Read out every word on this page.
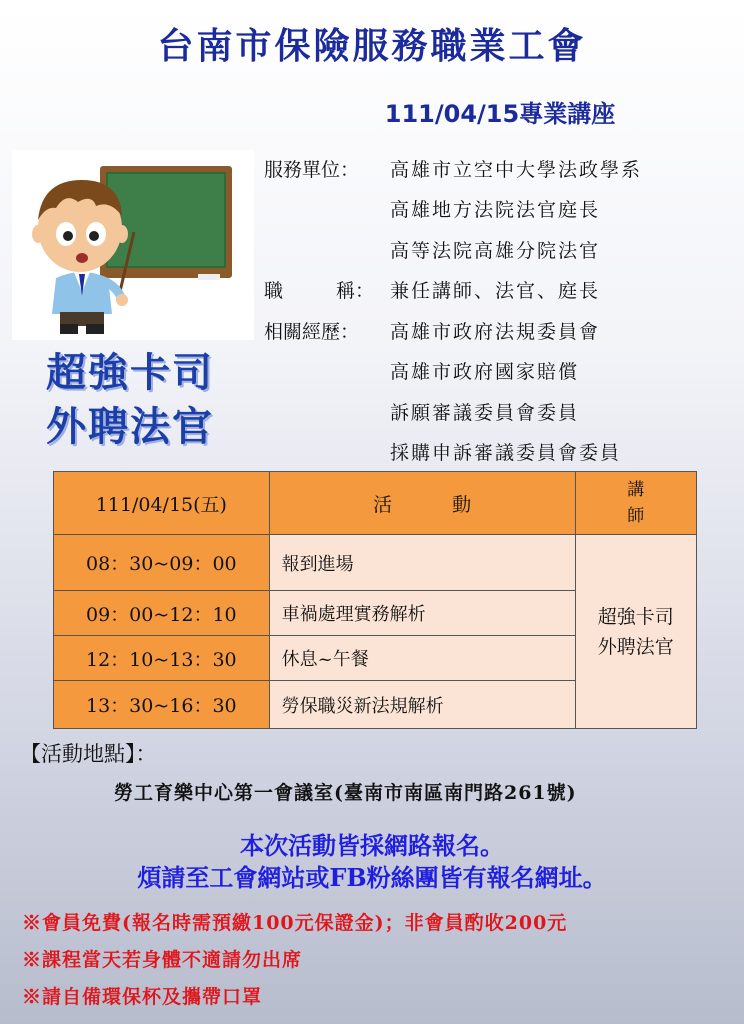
台南市保險服務職業工會
111/04/15專業講座
超強卡司
外聘法官
服務單位：	高雄市立空中大學法政學系
高雄地方法院法官庭長
高等法院高雄分院法官
職	稱： 兼任講師、法官、庭長
相關經歷：	高雄市政府法規委員會
高雄市政府國家賠償
訴願審議委員會委員
採購申訴審議委員會委員
111/04/15(五)	活動	講
師

08：30~09：00	報到進場	超強卡司
外聘法官

09：00~12：10	車禍處理實務解析	
12：10~13：30	休息~午餐	
13：30~16：30	勞保職災新法規解析	
【活動地點】：
勞工育樂中心第一會議室(臺南市南區南門路261號)
本次活動皆採網路報名。
煩請至工會網站或FB粉絲團皆有報名網址。
※會員免費(報名時需預繳100元保證金)；非會員酌收200元
※課程當天若身體不適請勿出席
※請自備環保杯及攜帶口罩
